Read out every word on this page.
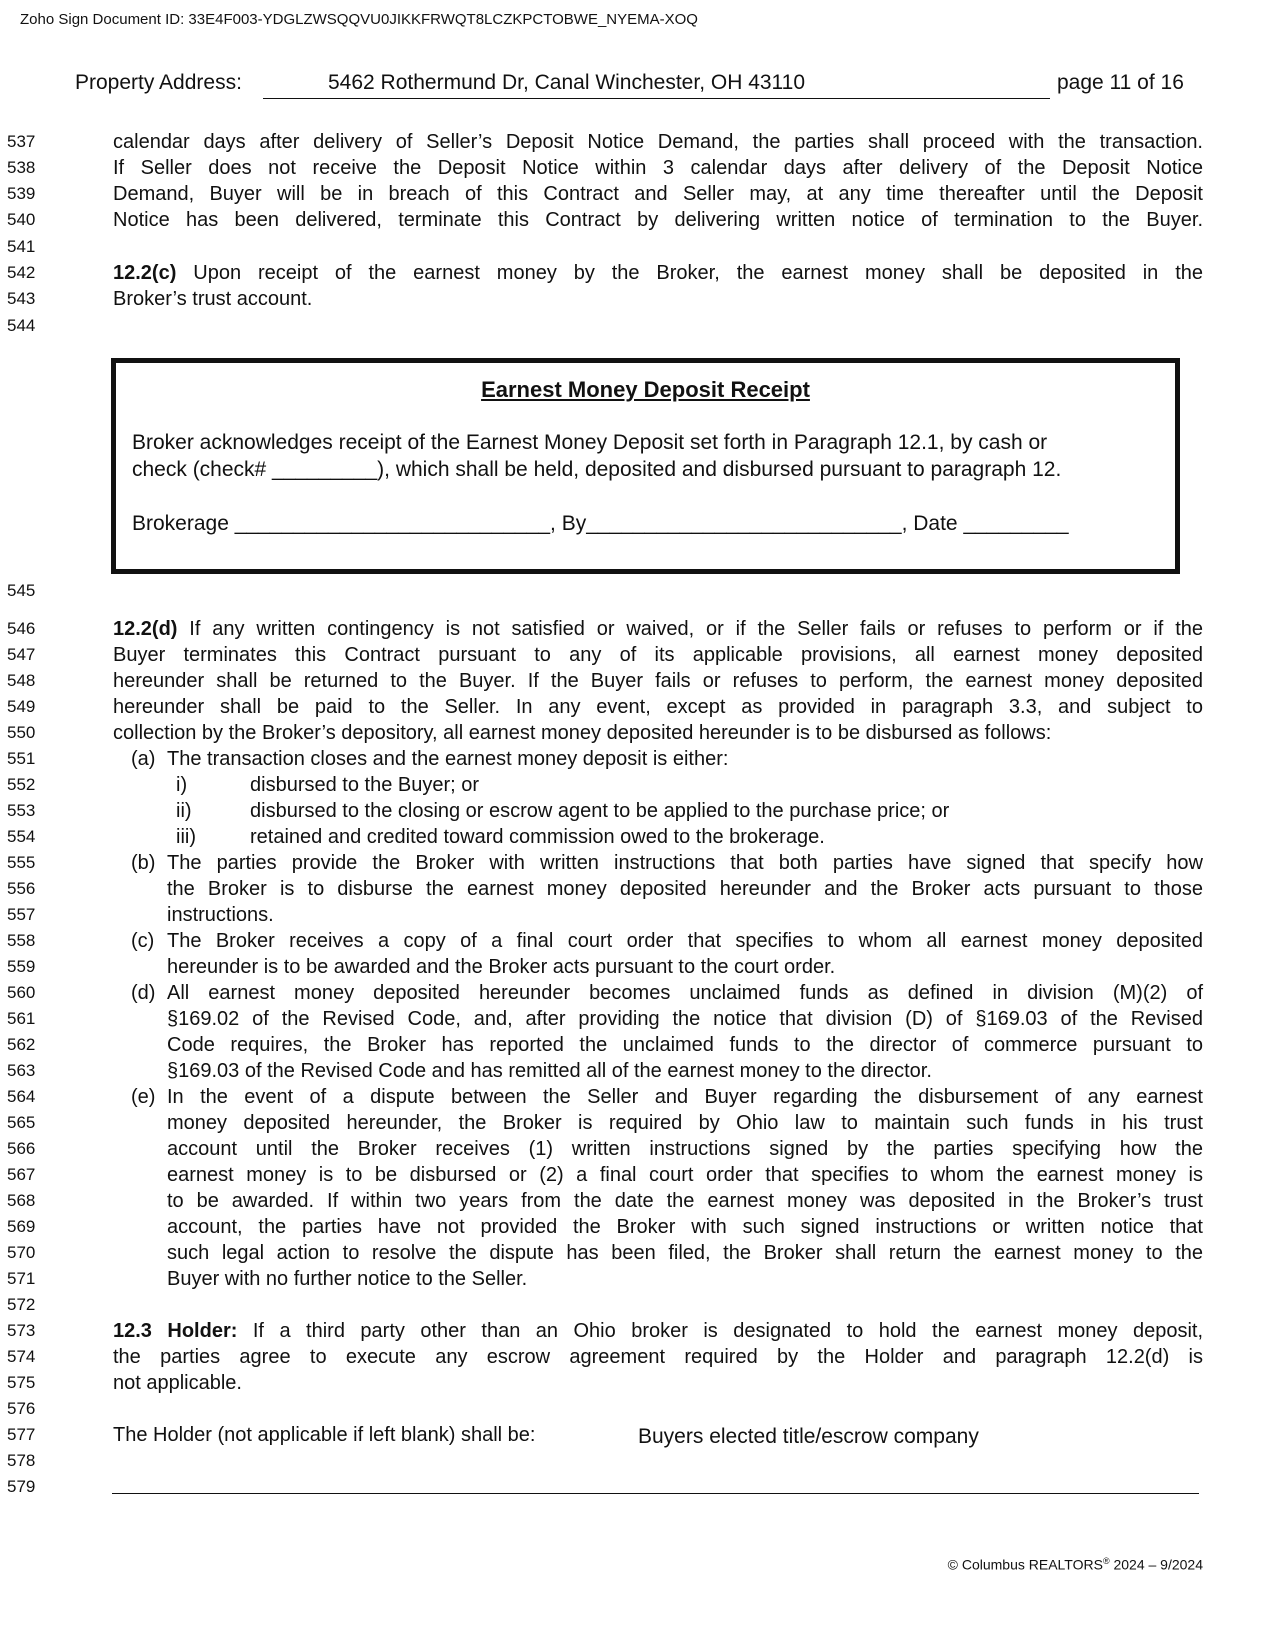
Zoho Sign Document ID: 33E4F003-YDGLZWSQQVU0JIKKFRWQT8LCZKPCTOBWE_NYEMA-XOQ
Property Address:	5462 Rothermund Dr, Canal Winchester, OH 43110	page 11 of 16
537
538
539
540
541
542
543
544
545
546
547
548
549
550
551
552
553
554
555
556
557
558
559
560
561
562
563
564
565
566
567
568
569
570
571
572
573
574
575
576
577
578
579
calendar days after delivery of Seller’s Deposit Notice Demand, the parties shall proceed with the transaction.
If Seller does not receive the Deposit Notice within 3 calendar days after delivery of the Deposit Notice
Demand, Buyer will be in breach of this Contract and Seller may, at any time thereafter until the Deposit
Notice has been delivered, terminate this Contract by delivering written notice of termination to the Buyer.
12.2(c) Upon receipt of the earnest money by the Broker, the earnest money shall be deposited in the
Broker’s trust account.
Earnest Money Deposit Receipt
Broker acknowledges receipt of the Earnest Money Deposit set forth in Paragraph 12.1, by cash or
check (check# _________), which shall be held, deposited and disbursed pursuant to paragraph 12.
Brokerage ___________________________, By___________________________, Date _________
12.2(d) If any written contingency is not satisfied or waived, or if the Seller fails or refuses to perform or if the
Buyer terminates this Contract pursuant to any of its applicable provisions, all earnest money deposited
hereunder shall be returned to the Buyer. If the Buyer fails or refuses to perform, the earnest money deposited
hereunder shall be paid to the Seller. In any event, except as provided in paragraph 3.3, and subject to
collection by the Broker’s depository, all earnest money deposited hereunder is to be disbursed as follows:
(a) The transaction closes and the earnest money deposit is either:
i)	disbursed to the Buyer; or
ii)	disbursed to the closing or escrow agent to be applied to the purchase price; or
iii)	retained and credited toward commission owed to the brokerage.
(b) The parties provide the Broker with written instructions that both parties have signed that specify how
the Broker is to disburse the earnest money deposited hereunder and the Broker acts pursuant to those
instructions.
(c) The Broker receives a copy of a final court order that specifies to whom all earnest money deposited
hereunder is to be awarded and the Broker acts pursuant to the court order.
(d) All earnest money deposited hereunder becomes unclaimed funds as defined in division (M)(2) of
§169.02 of the Revised Code, and, after providing the notice that division (D) of §169.03 of the Revised
Code requires, the Broker has reported the unclaimed funds to the director of commerce pursuant to
§169.03 of the Revised Code and has remitted all of the earnest money to the director.
(e) In the event of a dispute between the Seller and Buyer regarding the disbursement of any earnest
money deposited hereunder, the Broker is required by Ohio law to maintain such funds in his trust
account until the Broker receives (1) written instructions signed by the parties specifying how the
earnest money is to be disbursed or (2) a final court order that specifies to whom the earnest money is
to be awarded. If within two years from the date the earnest money was deposited in the Broker’s trust
account, the parties have not provided the Broker with such signed instructions or written notice that
such legal action to resolve the dispute has been filed, the Broker shall return the earnest money to the
Buyer with no further notice to the Seller.
12.3 Holder: If a third party other than an Ohio broker is designated to hold the earnest money deposit,
the parties agree to execute any escrow agreement required by the Holder and paragraph 12.2(d) is
not applicable.
The Holder (not applicable if left blank) shall be:	Buyers elected title/escrow company
© Columbus REALTORS® 2024 – 9/2024
